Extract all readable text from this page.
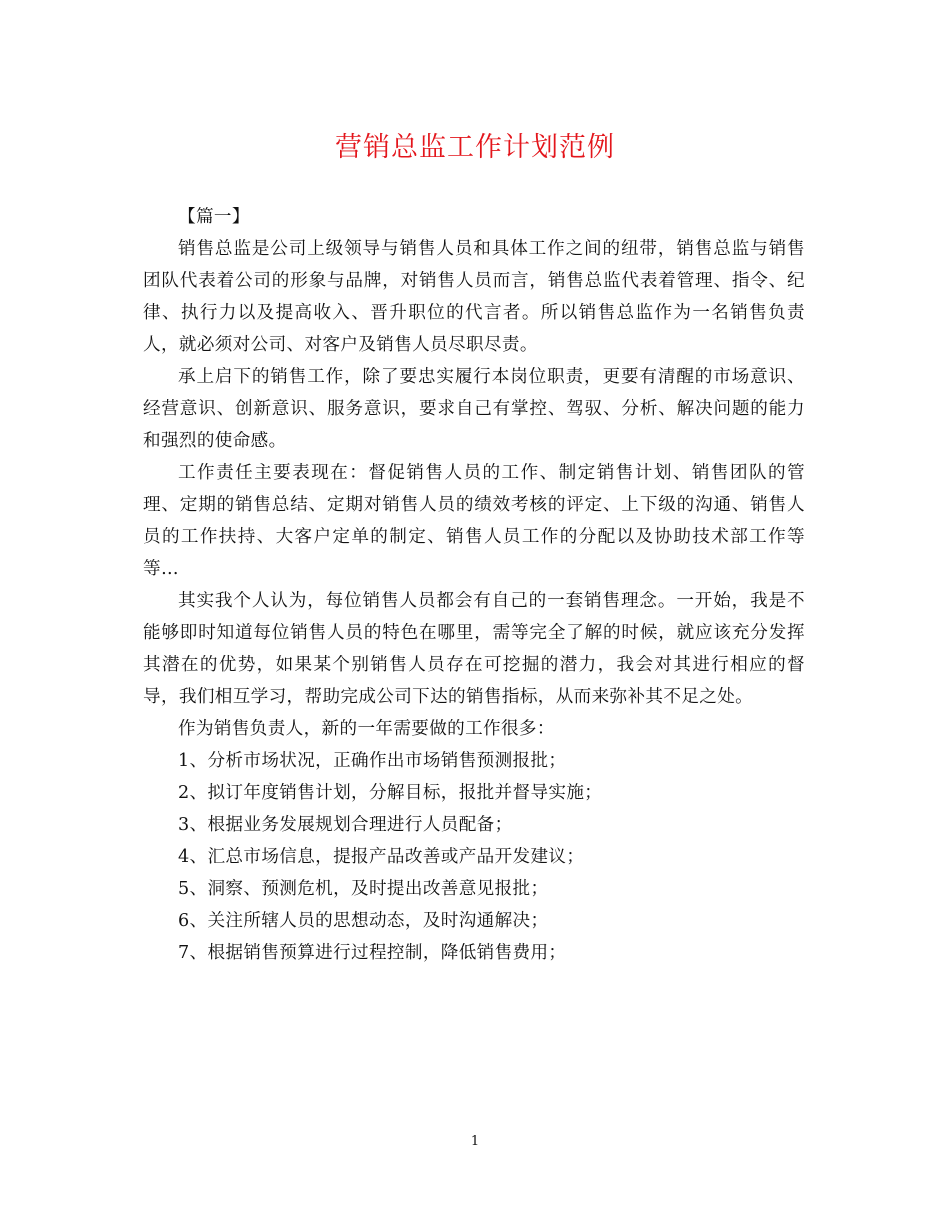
营销总监工作计划范例

【篇一】

销售总监是公司上级领导与销售人员和具体工作之间的纽带，销售总监与销售团队代表着公司的形象与品牌，对销售人员而言，销售总监代表着管理、指令、纪律、执行力以及提高收入、晋升职位的代言者。所以销售总监作为一名销售负责人，就必须对公司、对客户及销售人员尽职尽责。

承上启下的销售工作，除了要忠实履行本岗位职责，更要有清醒的市场意识、经营意识、创新意识、服务意识，要求自己有掌控、驾驭、分析、解决问题的能力和强烈的使命感。

工作责任主要表现在：督促销售人员的工作、制定销售计划、销售团队的管理、定期的销售总结、定期对销售人员的绩效考核的评定、上下级的沟通、销售人员的工作扶持、大客户定单的制定、销售人员工作的分配以及协助技术部工作等等…

其实我个人认为，每位销售人员都会有自己的一套销售理念。一开始，我是不能够即时知道每位销售人员的特色在哪里，需等完全了解的时候，就应该充分发挥其潜在的优势，如果某个别销售人员存在可挖掘的潜力，我会对其进行相应的督导，我们相互学习，帮助完成公司下达的销售指标，从而来弥补其不足之处。

作为销售负责人，新的一年需要做的工作很多：

1、分析市场状况，正确作出市场销售预测报批；

2、拟订年度销售计划，分解目标，报批并督导实施；

3、根据业务发展规划合理进行人员配备；

4、汇总市场信息，提报产品改善或产品开发建议；

5、洞察、预测危机，及时提出改善意见报批；

6、关注所辖人员的思想动态，及时沟通解决；

7、根据销售预算进行过程控制，降低销售费用；

1
